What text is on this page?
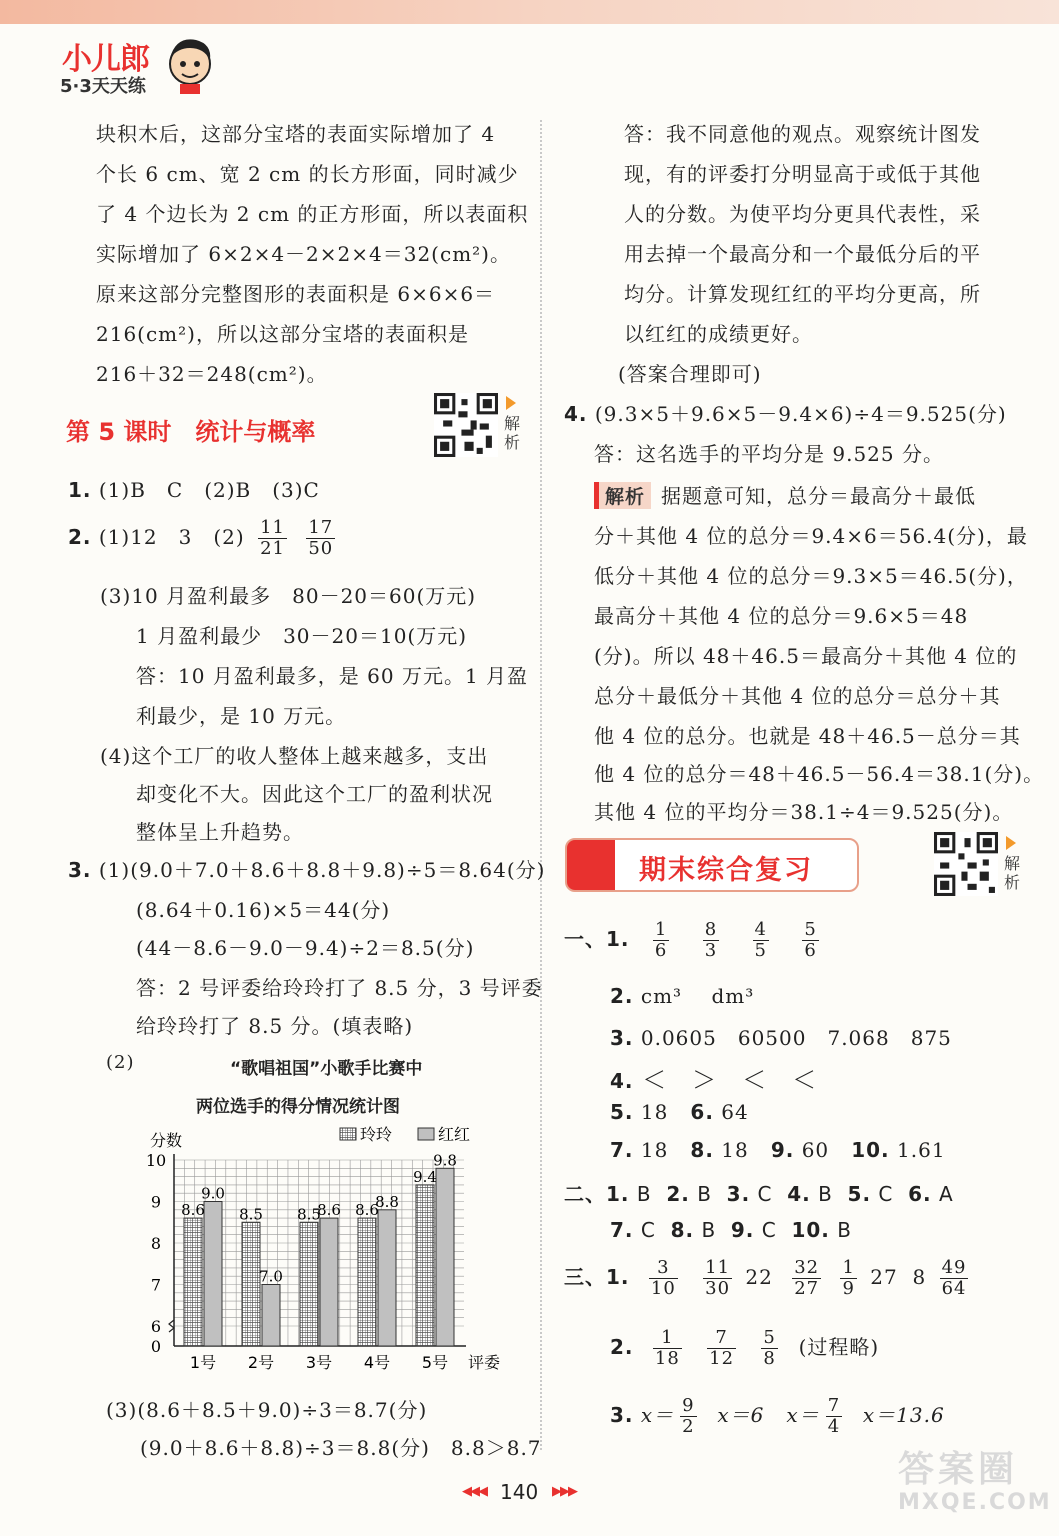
小儿郎
5·3天天练
块积木后，这部分宝塔的表面实际增加了 4
个长 6 cm、宽 2 cm 的长方形面，同时减少
了 4 个边长为 2 cm 的正方形面，所以表面积
实际增加了 6×2×4－2×2×4＝32(cm²)。
原来这部分完整图形的表面积是 6×6×6＝
216(cm²)，所以这部分宝塔的表面积是
216＋32＝248(cm²)。
第 5 课时　统计与概率	解析
1. (1)B　C　(2)B　(3)C
2. (1)12　3　$(2) \frac{11}{21}$
$\frac{17}{50}$
(3)10 月盈利最多　80－20＝60(万元)
1 月盈利最少　30－20＝10(万元)
答：10 月盈利最多，是 60 万元。1 月盈
利最少，是 10 万元。
(4)这个工厂的收人整体上越来越多，支出
却变化不大。因此这个工厂的盈利状况
整体呈上升趋势。
3. (1)(9.0＋7.0＋8.6＋8.8＋9.8)÷5＝8.64(分)
(8.64＋0.16)×5＝44(分)
(44－8.6－9.0－9.4)÷2＝8.5(分)
答：2 号评委给玲玲打了 8.5 分，3 号评委
给玲玲打了 8.5 分。(填表略)
(2)	“歌唱祖国”小歌手比赛中
两位选手的得分情况统计图
0
6
7
8
9
10
分数	玲玲	红红
8.6
9.0
1号
8.5
7.0
2号
8.5
8.6
3号
8.6
8.8
4号
9.4
9.8
5号 评委
(3)(8.6＋8.5＋9.0)÷3＝8.7(分)
(9.0＋8.6＋8.8)÷3＝8.8(分)　8.8＞8.7
答：我不同意他的观点。观察统计图发
现，有的评委打分明显高于或低于其他
人的分数。为使平均分更具代表性，采
用去掉一个最高分和一个最低分后的平
均分。计算发现红红的平均分更高，所
以红红的成绩更好。
(答案合理即可)
4. (9.3×5＋9.6×5－9.4×6)÷4＝9.525(分)
答：这名选手的平均分是 9.525 分。
解析 据题意可知，总分＝最高分＋最低
分＋其他 4 位的总分＝9.4×6＝56.4(分)，最
低分＋其他 4 位的总分＝9.3×5＝46.5(分)，
最高分＋其他 4 位的总分＝9.6×5＝48
(分)。所以 48＋46.5＝最高分＋其他 4 位的
总分＋最低分＋其他 4 位的总分＝总分＋其
他 4 位的总分。也就是 48＋46.5－总分＝其
他 4 位的总分＝48＋46.5－56.4＝38.1(分)。
其他 4 位的平均分＝38.1÷4＝9.525(分)。
期末综合复习	解析
一、1. $\frac{1}{6}$
$\frac{8}{3}$
$\frac{4}{5}$
$\frac{5}{6}$
2. cm³ dm³
3. 0.0605　60500　7.068　875
4. ＜　＞　＜　＜
5. 18 6. 64
7. 18 8. 18 9. 60 10. 1.61
二、1. B 2. B 3. C 4. B 5. C 6. A
7. C 8. B 9. C 10. B
三、1. $\frac{3}{10}$
$\frac{11}{30} 22 \frac{32}{27}$
$\frac{1}{9} 27$ $8 \frac{49}{64}$
2. $\frac{1}{18}$
$\frac{7}{12}$
$\frac{5}{8}$ (过程略)
3. $x= \frac{9}{2} x=6$ $x= \frac{7}{4} x=13.6$
◀◀◀ 140 ▶▶▶
答案圈
MXQE.COM
